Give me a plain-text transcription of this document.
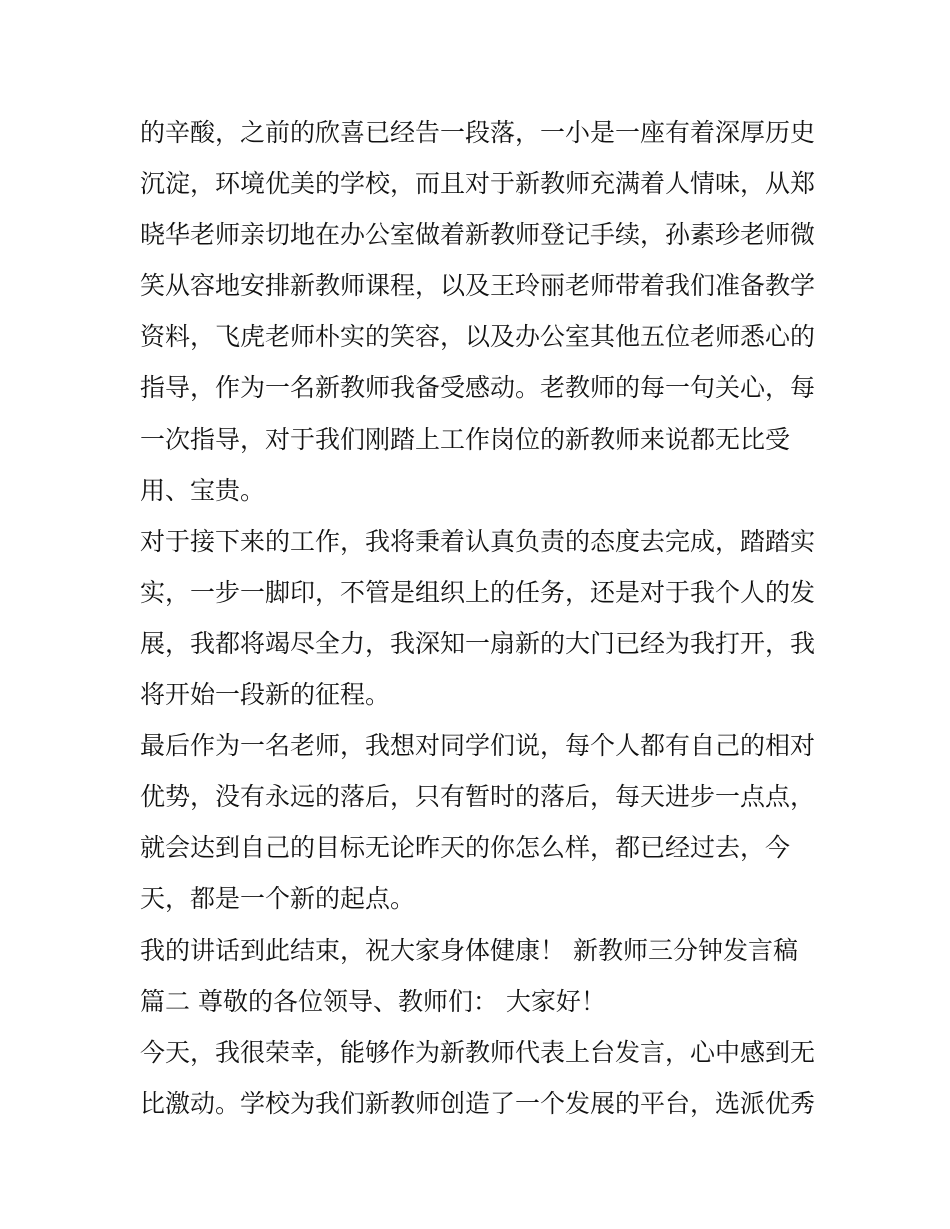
的辛酸，之前的欣喜已经告一段落，一小是一座有着深厚历史
沉淀，环境优美的学校，而且对于新教师充满着人情味，从郑
晓华老师亲切地在办公室做着新教师登记手续，孙素珍老师微
笑从容地安排新教师课程，以及王玲丽老师带着我们准备教学
资料，飞虎老师朴实的笑容，以及办公室其他五位老师悉心的
指导，作为一名新教师我备受感动。老教师的每一句关心，每
一次指导，对于我们刚踏上工作岗位的新教师来说都无比受
用、宝贵。
对于接下来的工作，我将秉着认真负责的态度去完成，踏踏实
实，一步一脚印，不管是组织上的任务，还是对于我个人的发
展，我都将竭尽全力，我深知一扇新的大门已经为我打开，我
将开始一段新的征程。
最后作为一名老师，我想对同学们说，每个人都有自己的相对
优势，没有永远的落后，只有暂时的落后，每天进步一点点，
就会达到自己的目标无论昨天的你怎么样，都已经过去，今
天，都是一个新的起点。
我的讲话到此结束，祝大家身体健康！ 新教师三分钟发言稿
篇二 尊敬的各位领导、教师们： 大家好！
今天，我很荣幸，能够作为新教师代表上台发言，心中感到无
比激动。学校为我们新教师创造了一个发展的平台，选派优秀
